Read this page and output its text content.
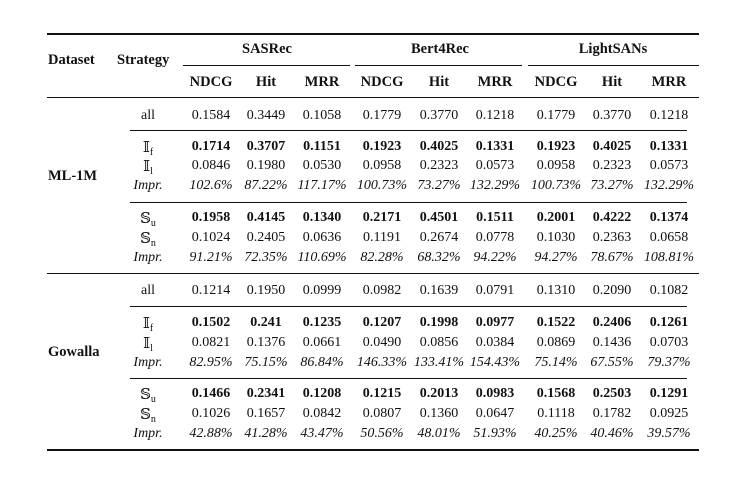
Dataset Strategy
SASRec	Bert4Rec	LightSANs
NDCG Hit MRR NDCG Hit MRR NDCG Hit MRR
ML-1M
Gowalla
all	0.1584 0.3449 0.1058 0.1779 0.3770 0.1218 0.1779 0.3770 0.1218
𝕀$_f$	0.1714 0.3707 0.1151 0.1923 0.4025 0.1331 0.1923 0.4025 0.1331
𝕀$_l$	0.0846 0.1980 0.0530 0.0958 0.2323 0.0573 0.0958 0.2323 0.0573
Impr. 102.6% 87.22% 117.17% 100.73% 73.27% 132.29% 100.73% 73.27% 132.29%
𝕊$_u$	0.1958 0.4145 0.1340 0.2171 0.4501 0.1511 0.2001 0.4222 0.1374
𝕊$_n$	0.1024 0.2405 0.0636 0.1191 0.2674 0.0778 0.1030 0.2363 0.0658
Impr. 91.21% 72.35% 110.69% 82.28% 68.32% 94.22% 94.27% 78.67% 108.81%
all	0.1214 0.1950 0.0999 0.0982 0.1639 0.0791 0.1310 0.2090 0.1082
𝕀$_f$	0.1502 0.241 0.1235 0.1207 0.1998 0.0977 0.1522 0.2406 0.1261
𝕀$_l$	0.0821 0.1376 0.0661 0.0490 0.0856 0.0384 0.0869 0.1436 0.0703
Impr. 82.95% 75.15% 86.84% 146.33% 133.41% 154.43% 75.14% 67.55% 79.37%
𝕊$_u$	0.1466 0.2341 0.1208 0.1215 0.2013 0.0983 0.1568 0.2503 0.1291
𝕊$_n$	0.1026 0.1657 0.0842 0.0807 0.1360 0.0647 0.1118 0.1782 0.0925
Impr. 42.88% 41.28% 43.47% 50.56% 48.01% 51.93% 40.25% 40.46% 39.57%
